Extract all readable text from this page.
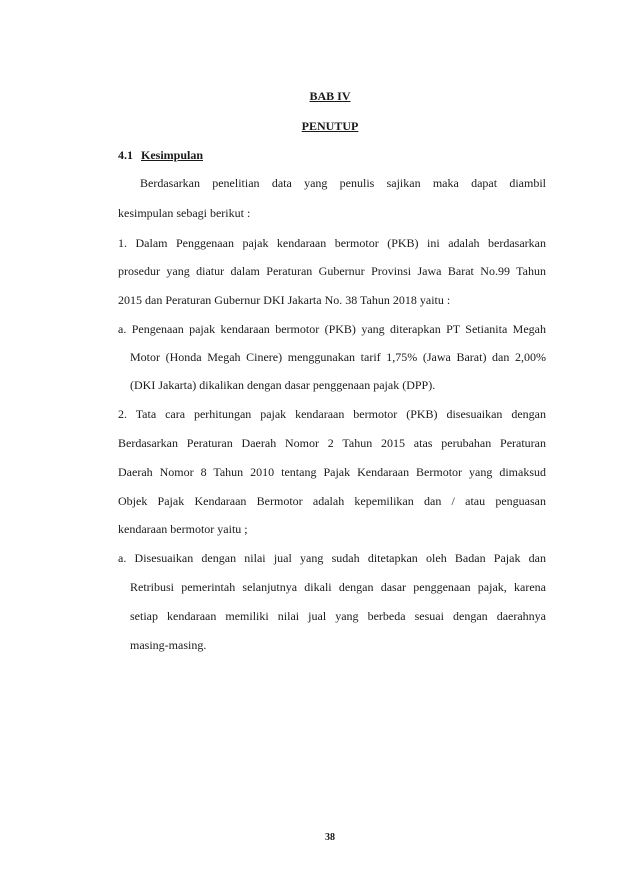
BAB IV
PENUTUP
4.1 Kesimpulan
Berdasarkan penelitian data yang penulis sajikan maka dapat diambil
kesimpulan sebagi berikut :
1. Dalam Penggenaan pajak kendaraan bermotor (PKB) ini adalah berdasarkan
prosedur yang diatur dalam Peraturan Gubernur Provinsi Jawa Barat No.99 Tahun
2015 dan Peraturan Gubernur DKI Jakarta No. 38 Tahun 2018 yaitu :
a. Pengenaan pajak kendaraan bermotor (PKB) yang diterapkan PT Setianita Megah
Motor (Honda Megah Cinere) menggunakan tarif 1,75% (Jawa Barat) dan 2,00%
(DKI Jakarta) dikalikan dengan dasar penggenaan pajak (DPP).
2. Tata cara perhitungan pajak kendaraan bermotor (PKB) disesuaikan dengan
Berdasarkan Peraturan Daerah Nomor 2 Tahun 2015 atas perubahan Peraturan
Daerah Nomor 8 Tahun 2010 tentang Pajak Kendaraan Bermotor yang dimaksud
Objek Pajak Kendaraan Bermotor adalah kepemilikan dan / atau penguasan
kendaraan bermotor yaitu ;
a. Disesuaikan dengan nilai jual yang sudah ditetapkan oleh Badan Pajak dan
Retribusi pemerintah selanjutnya dikali dengan dasar penggenaan pajak, karena
setiap kendaraan memiliki nilai jual yang berbeda sesuai dengan daerahnya
masing-masing.
38
